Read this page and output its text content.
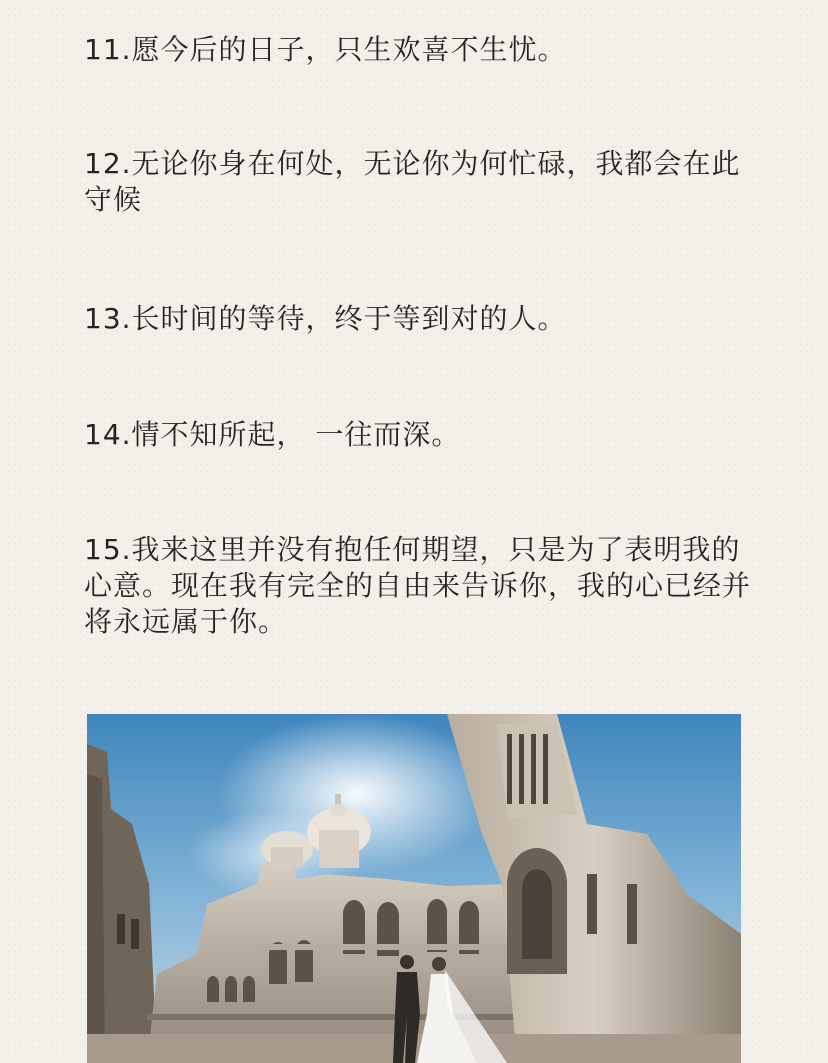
11.愿今后的日子，只生欢喜不生忧。

12.无论你身在何处，无论你为何忙碌，我都会在此守候

13.长时间的等待，终于等到对的人。

14.情不知所起， 一往而深。

15.我来这里并没有抱任何期望，只是为了表明我的心意。现在我有完全的自由来告诉你，我的心已经并将永远属于你。
